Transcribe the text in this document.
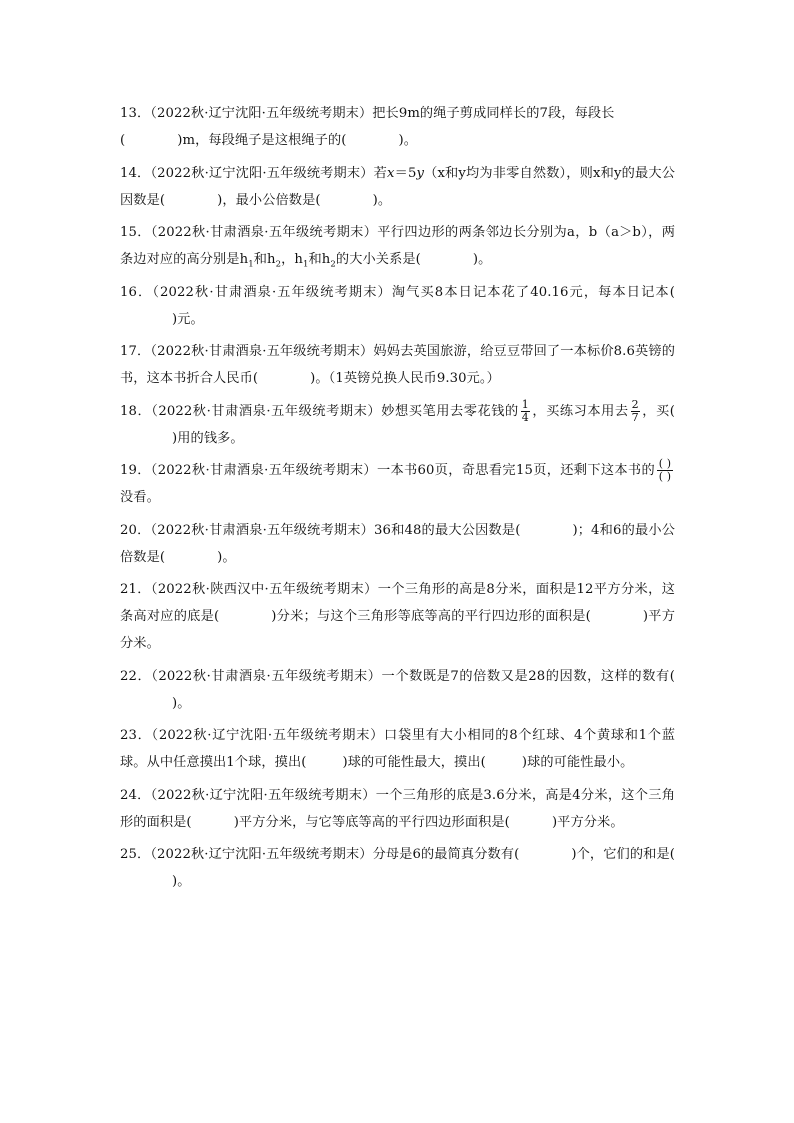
13．（2022秋·辽宁沈阳·五年级统考期末）把长9m的绳子剪成同样长的7段，每段长
(	)m，每段绳子是这根绳子的(	)。
14．（2022秋·辽宁沈阳·五年级统考期末）若x＝5y（x和y均为非零自然数），则x和y的最大公因数是(	)，最小公倍数是(	)。
15．（2022秋·甘肃酒泉·五年级统考期末）平行四边形的两条邻边长分别为a，b（a＞b），两条边对应的高分别是$h_1$和$h_2$，$h_1$和$h_2$的大小关系是(	)。
16．（2022秋·甘肃酒泉·五年级统考期末）淘气买8本日记本花了40.16元，每本日记本()元。
17．（2022秋·甘肃酒泉·五年级统考期末）妈妈去英国旅游，给豆豆带回了一本标价8.6英镑的书，这本书折合人民币(	)。（1英镑兑换人民币9.30元。）
18．（2022秋·甘肃酒泉·五年级统考期末）妙想买笔用去零花钱的 $\frac{1}{4}$ ，买练习本用去 $\frac{2}{7}$ ，买()用的钱多。
19．（2022秋·甘肃酒泉·五年级统考期末）一本书60页，奇思看完15页，还剩下这本书的 $\frac{( )}{( )}$
没看。
20．（2022秋·甘肃酒泉·五年级统考期末）36和48的最大公因数是(	)；4和6的最小公倍数是(	)。
21．（2022秋·陕西汉中·五年级统考期末）一个三角形的高是8分米，面积是12平方分米，这条高对应的底是(	)分米；与这个三角形等底等高的平行四边形的面积是(	)平方分米。
22．（2022秋·甘肃酒泉·五年级统考期末）一个数既是7的倍数又是28的因数，这样的数有()。
23．（2022秋·辽宁沈阳·五年级统考期末）口袋里有大小相同的8个红球、4个黄球和1个蓝球。从中任意摸出1个球，摸出(	)球的可能性最大，摸出(	)球的可能性最小。
24．（2022秋·辽宁沈阳·五年级统考期末）一个三角形的底是3.6分米，高是4分米，这个三角形的面积是(	)平方分米，与它等底等高的平行四边形面积是(	)平方分米。
25．（2022秋·辽宁沈阳·五年级统考期末）分母是6的最简真分数有(	)个，它们的和是()。
